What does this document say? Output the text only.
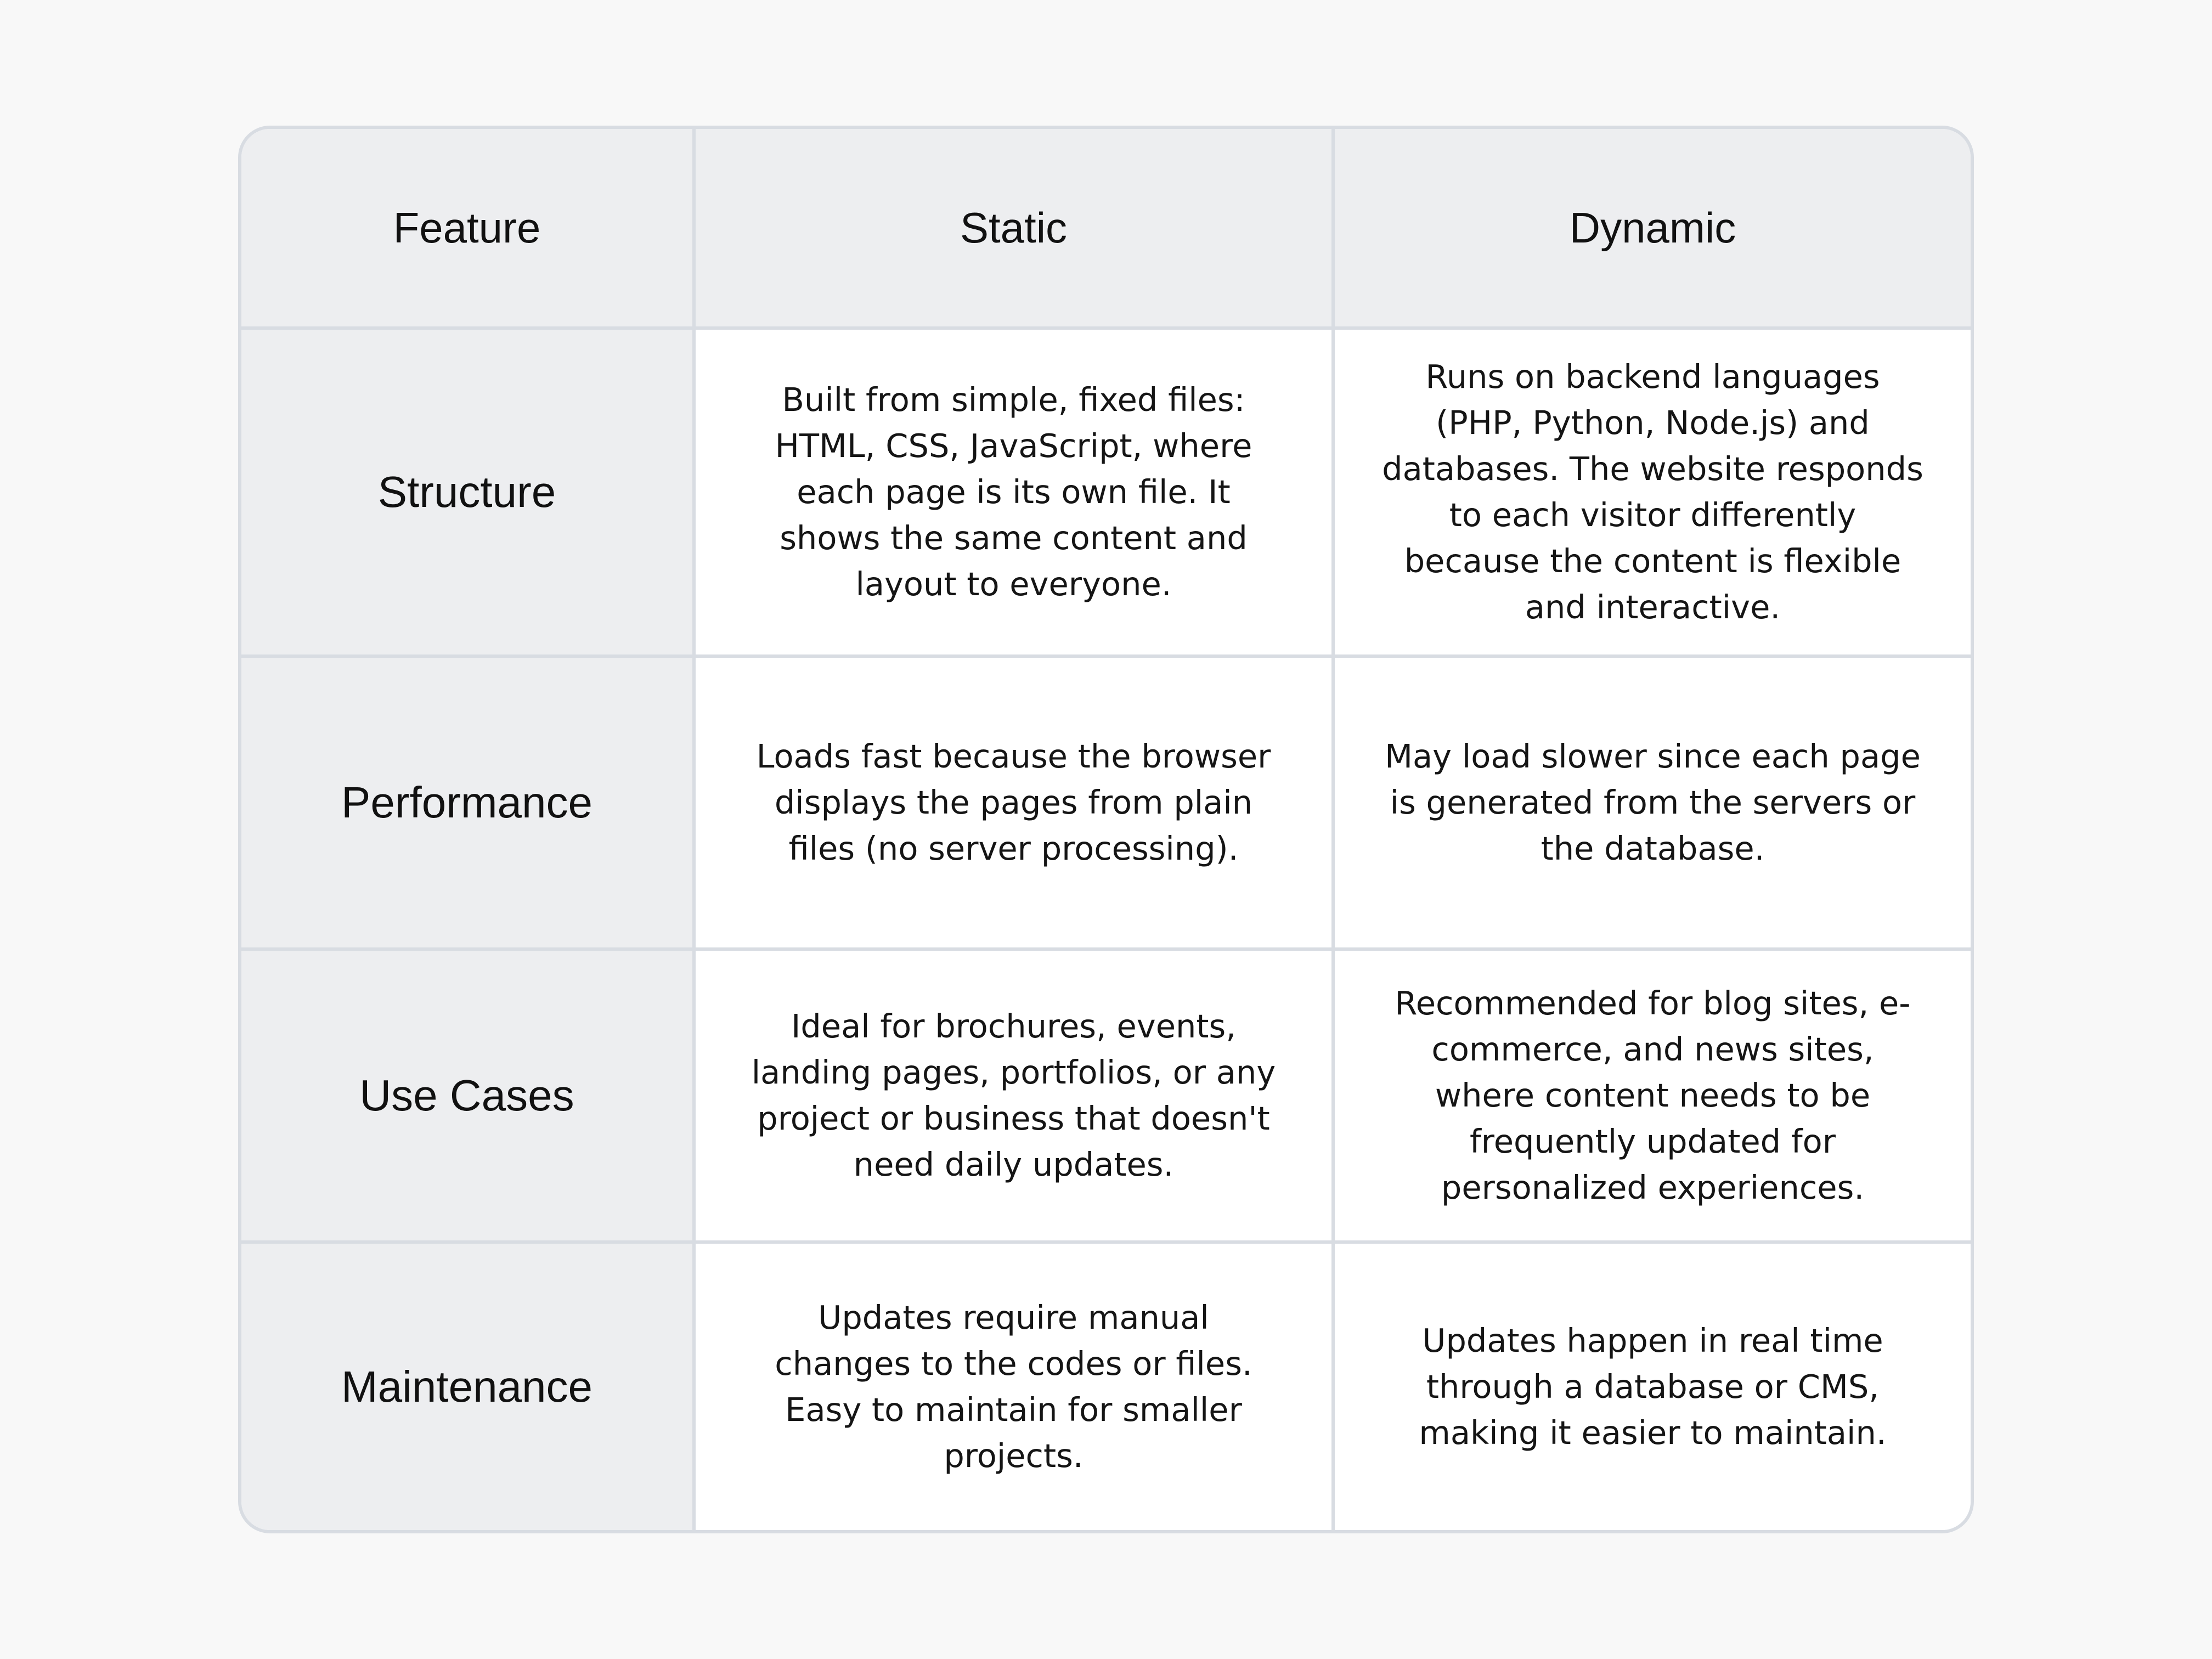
Feature	Static	Dynamic
Structure
Built from simple, fixed files: HTML, CSS, JavaScript, where each page is its own file. It shows the same content and layout to everyone.
Runs on backend languages (PHP, Python, Node.js) and databases. The website responds to each visitor differently because the content is flexible and interactive.
Performance
Loads fast because the browser displays the pages from plain files (no server processing).
May load slower since each page is generated from the servers or the database.
Use Cases
Ideal for brochures, events, landing pages, portfolios, or any project or business that doesn't need daily updates.
Recommended for blog sites, e-commerce, and news sites, where content needs to be frequently updated for personalized experiences.
Maintenance
Updates require manual changes to the codes or files. Easy to maintain for smaller projects.
Updates happen in real time through a database or CMS, making it easier to maintain.
